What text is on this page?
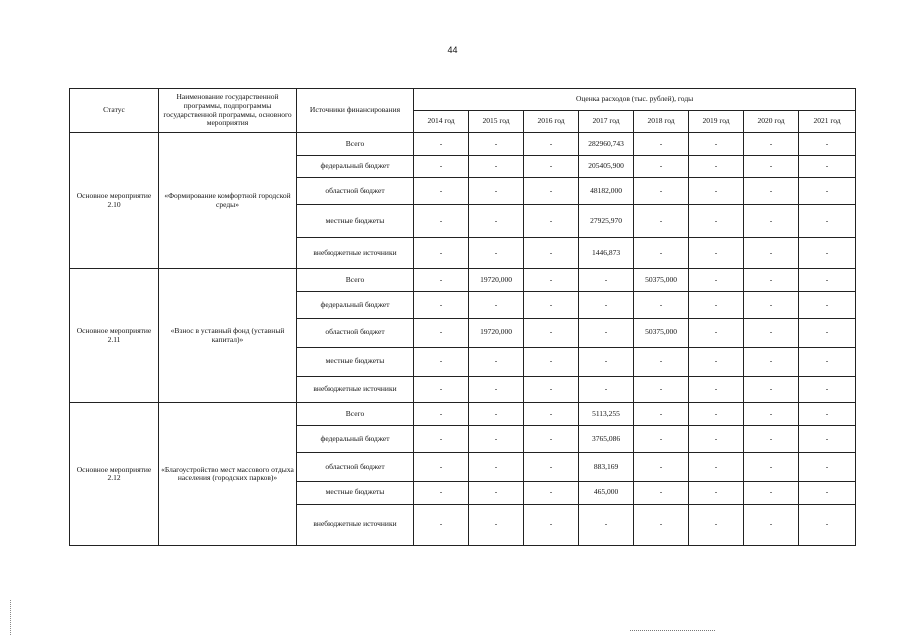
44
Статус	Наименование государственной программы, подпрограммы государственной программы, основного мероприятия	Источники финансирования	Оценка расходов (тыс. рублей), годы							
			2014 год	2015 год	2016 год	2017 год	2018 год	2019 год	2020 год	2021 год
Основное мероприятие 2.10	«Формирование комфортной городской среды»	Всего	-	-	-	282960,743	-	-	-	-
		федеральный бюджет	-	-	-	205405,900	-	-	-	-
		областной бюджет	-	-	-	48182,000	-	-	-	-
		местные бюджеты	-	-	-	27925,970	-	-	-	-
		внебюджетные источники	-	-	-	1446,873	-	-	-	-
Основное мероприятие 2.11	«Взнос в уставный фонд (уставный капитал)»	Всего	-	19720,000	-	-	50375,000	-	-	-
		федеральный бюджет	-	-	-	-	-	-	-	-
		областной бюджет	-	19720,000	-	-	50375,000	-	-	-
		местные бюджеты	-	-	-	-	-	-	-	-
		внебюджетные источники	-	-	-	-	-	-	-	-
Основное мероприятие 2.12	«Благоустройство мест массового отдыха населения (городских парков)»	Всего	-	-	-	5113,255	-	-	-	-
		федеральный бюджет	-	-	-	3765,086	-	-	-	-
		областной бюджет	-	-	-	883,169	-	-	-	-
		местные бюджеты	-	-	-	465,000	-	-	-	-
		внебюджетные источники	-	-	-	-	-	-	-	-
